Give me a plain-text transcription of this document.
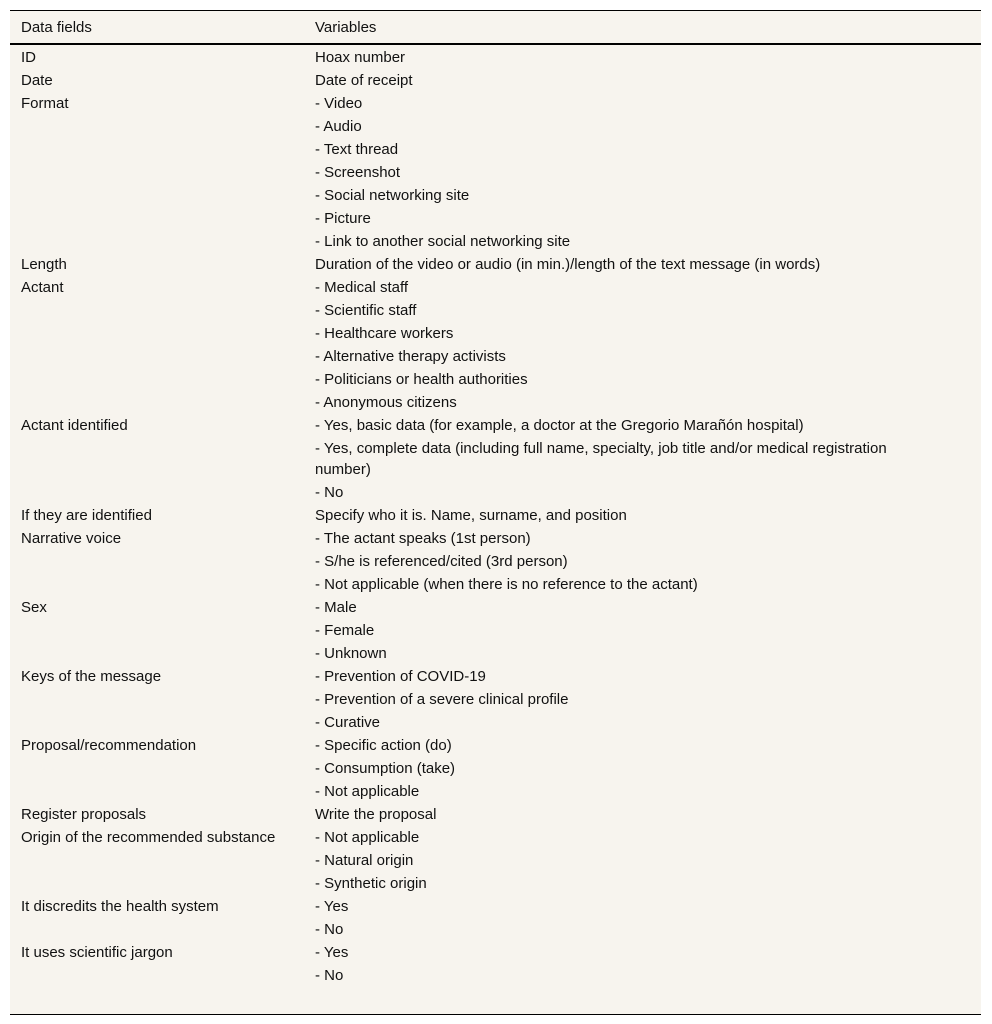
Data fields	Variables
ID	Hoax number
Date	Date of receipt
Format	- Video
	- Audio
	- Text thread
	- Screenshot
	- Social networking site
	- Picture
	- Link to another social networking site
Length	Duration of the video or audio (in min.)/length of the text message (in words)
Actant	- Medical staff
	- Scientific staff
	- Healthcare workers
	- Alternative therapy activists
	- Politicians or health authorities
	- Anonymous citizens
Actant identified	- Yes, basic data (for example, a doctor at the Gregorio Marañón hospital)
	- Yes, complete data (including full name, specialty, job title and/or medical registration number)
	- No
If they are identified	Specify who it is. Name, surname, and position
Narrative voice	- The actant speaks (1st person)
	- S/he is referenced/cited (3rd person)
	- Not applicable (when there is no reference to the actant)
Sex	- Male
	- Female
	- Unknown
Keys of the message	- Prevention of COVID-19
	- Prevention of a severe clinical profile
	- Curative
Proposal/recommendation	- Specific action (do)
	- Consumption (take)
	- Not applicable
Register proposals	Write the proposal
Origin of the recommended substance	- Not applicable
	- Natural origin
	- Synthetic origin
It discredits the health system	- Yes
	- No
It uses scientific jargon	- Yes
	- No
